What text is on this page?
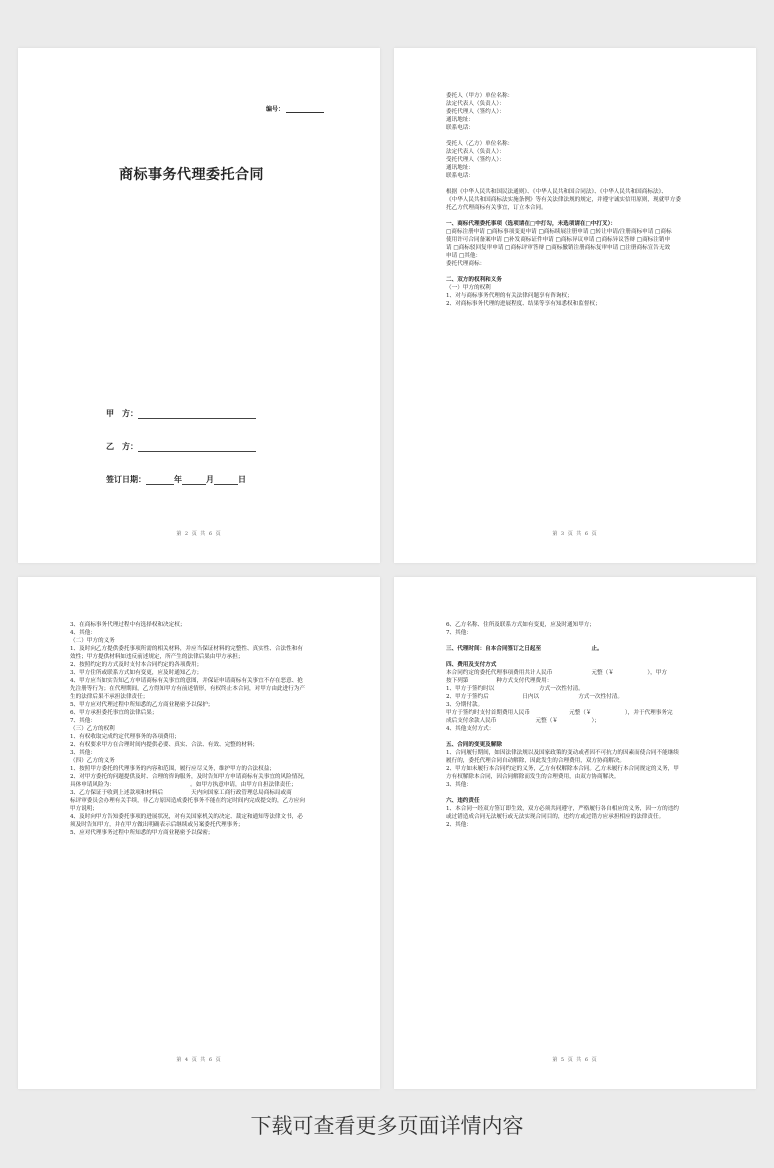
编号：
商标事务代理委托合同
甲　方：
乙　方：
签订日期：	年	月	日
第 2 页 共 6 页
委托人（甲方）单位名称：
法定代表人（负责人）：
委托代理人（签约人）：
通讯地址：
联系电话：
受托人（乙方）单位名称：
法定代表人（负责人）：
受托代理人（签约人）：
通讯地址：
联系电话：
根据《中华人民共和国民法通则》、《中华人民共和国合同法》、《中华人民共和国商标法》、
《中华人民共和国商标法实施条例》等有关法律法规的规定，并遵守诚实信用原则，现就甲方委
托乙方代理商标有关事宜，订立本合同。
一、商标代理委托事项（选项请在□中打勾，未选项请在□中打叉）：
□商标注册申请 □商标事项变更申请 □商标续展注册申请 □转让申请/注册商标申请 □商标
使用许可合同备案申请 □补发商标证件申请 □商标异议申请 □商标异议答辩 □商标注销申
请 □商标驳回复审申请 □商标评审答辩 □商标撤销注册商标复审申请 □注册商标宣告无效
申请 □其他：
委托代理商标：
二、双方的权利和义务
（一）甲方的权利
1、对与商标事务代理的有关法律问题享有咨询权；
2、对商标事务代理的进展程度、结果等享有知悉权和监督权；
第 3 页 共 6 页
3、在商标事务代理过程中有选择权和决定权；
4、其他：
（二）甲方的义务
1、及时向乙方提供委托事项所需的相关材料，并应当保证材料的完整性、真实性、合法性和有
效性；甲方提供材料如违反前述规定，所产生的法律后果由甲方承担；
2、按照约定的方式及时支付本合同约定的各项费用；
3、甲方住所或联系方式如有变更，应及时通知乙方；
4、甲方应当如实告知乙方申请商标有关事宜的意图，并保证申请商标有关事宜不存在恶意、抢
先注册等行为；在代理期间，乙方得知甲方有前述情形，有权终止本合同，对甲方由此进行为产
生的法律后果不承担法律责任；
5、甲方应对代理过程中所知悉的乙方商业秘密予以保护；
6、甲方承担委托事宜的法律后果；
7、其他：
（三）乙方的权利
1、有权收取完成约定代理事务的各项费用；
2、有权要求甲方在合理时间内提供必要、真实、合法、有效、完整的材料；
3、其他：
（四）乙方的义务
1、按照甲方委托的代理事务的内容和范围，履行应尽义务，维护甲方的合法权益；
2、对甲方委托的问题提供及时、合理的咨询服务，及时告知甲方申请商标有关事宜的风险情况，
具体申请风险为：　　　　　　　　　　　　　　。如甲方执意申请，由甲方自担法律责任；
3、乙方保证于收到上述款项和材料后　　　　　天内向国家工商行政管理总局商标局或商
标评审委员会办理有关手续，非乙方原因造成委托事务不能在约定时间内完成提交的，乙方应向
甲方说明；
4、及时向甲方告知委托事项的进展状况，对有关国家机关的决定、裁定和通知等法律文书，必
须及时告知甲方，并在甲方做出明确表示后继续或另案委托代理事务；
5、应对代理事务过程中所知悉的甲方商业秘密予以保密；
第 4 页 共 6 页
6、乙方名称、住所及联系方式如有变更，应及时通知甲方；
7、其他：
三、代理时间：自本合同签订之日起至　　　　　　　　　止。
四、费用及支付方式
本合同约定的委托代理事项费用共计人民币　　　　　　　元整（￥　　　　　　），甲方
按下列第　　　　　种方式支付代理费用：
1、甲方于签约时以　　　　　　　　方式一次性付清。
2、甲方于签约后　　　　　　日内以　　　　　　　方式一次性付清。
3、分期付款。
甲方于签约时支付首期费用人民币　　　　　　　元整（￥　　　　　　），并于代理事务完
成后支付余款人民币　　　　　　　元整（￥　　　　　　）；
4、其他支付方式：
五、合同的变更及解除
1、合同履行期间，如因法律法规以及国家政策的变动或者因不可抗力的因素而使合同不能继续
履行的，委托代理合同自动解除，因此发生的合理费用，双方协商解决。
2、甲方如未履行本合同约定的义务，乙方有权解除本合同。乙方未履行本合同规定的义务，甲
方有权解除本合同，因合同解除而发生的合理费用，由双方协商解决。
3、其他：
六、违约责任
1、本合同一经双方签订即生效，双方必须共同遵守，严格履行各自相应的义务，因一方的违约
或过错造成合同无法履行或无法实现合同目的，违约方或过错方应承担相应的法律责任。
2、其他：
第 5 页 共 6 页
下载可查看更多页面详情内容
